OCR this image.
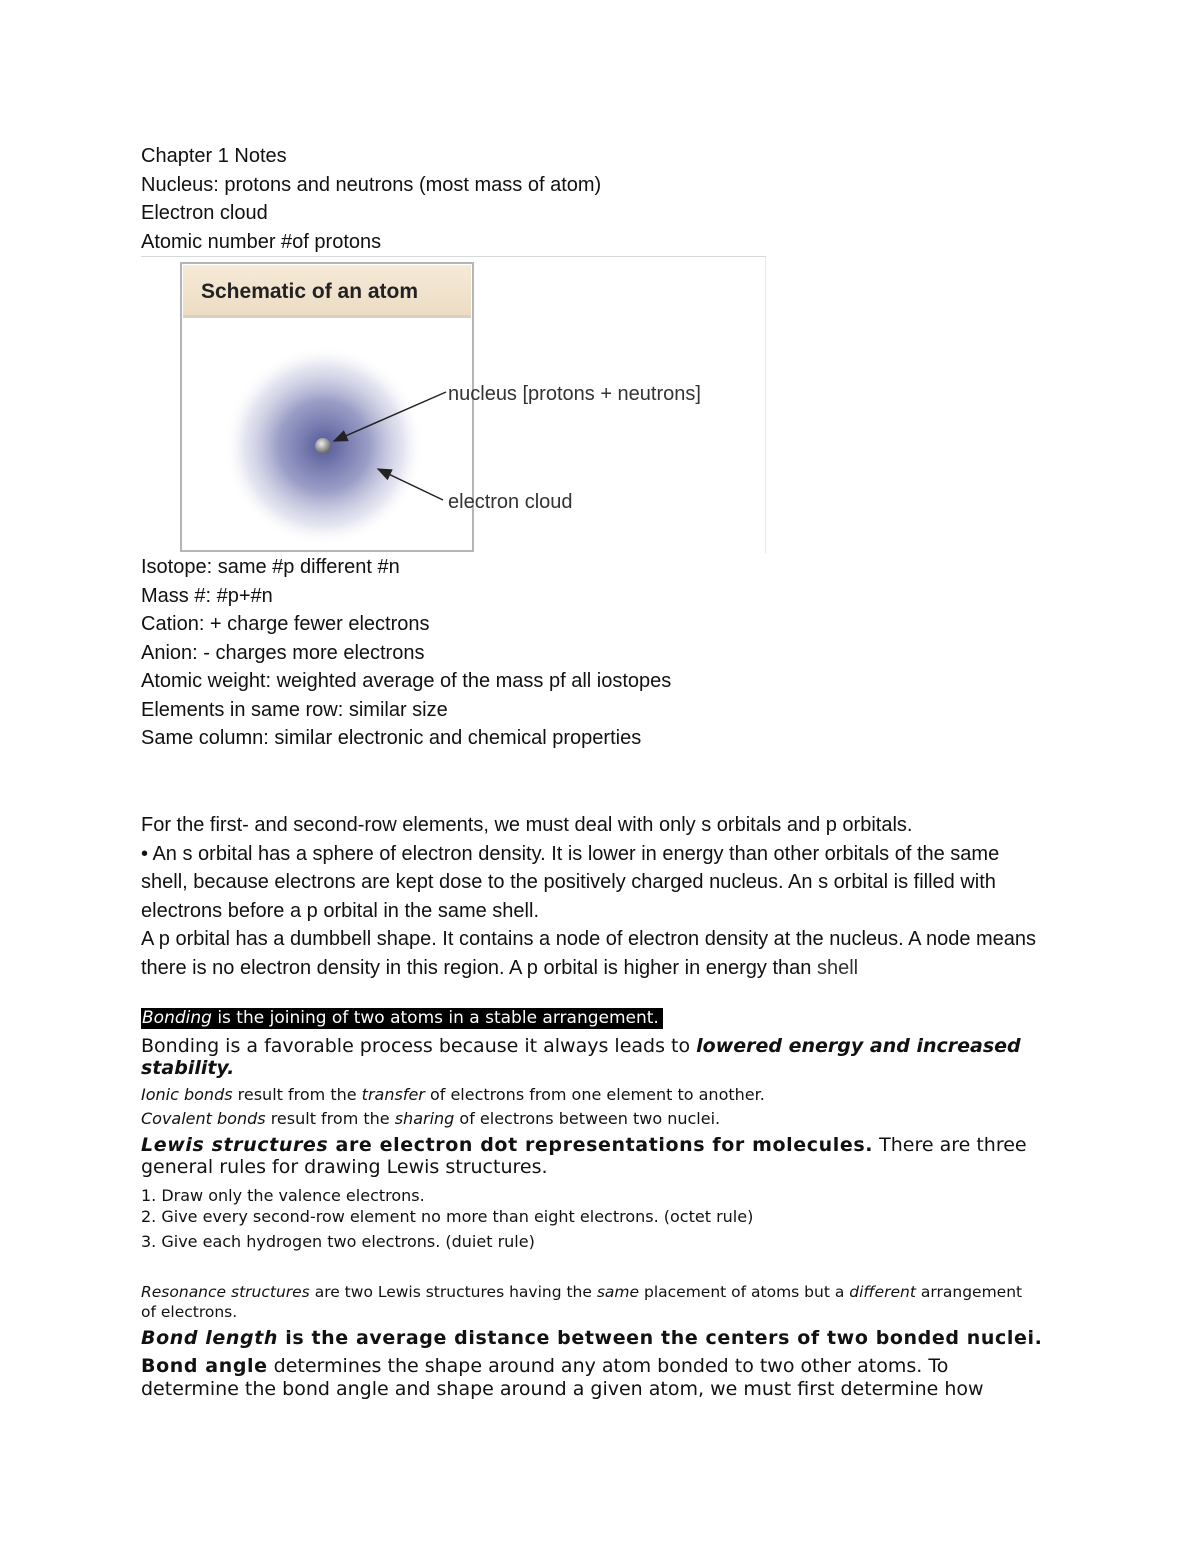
Chapter 1 Notes
Nucleus: protons and neutrons (most mass of atom)
Electron cloud
Atomic number #of protons
Schematic of an atom
nucleus [protons + neutrons]
electron cloud
Isotope: same #p different #n
Mass #: #p+#n
Cation: + charge fewer electrons
Anion: - charges more electrons
Atomic weight: weighted average of the mass pf all iostopes
Elements in same row: similar size
Same column: similar electronic and chemical properties
For the first- and second-row elements, we must deal with only s orbitals and p orbitals.
• An s orbital has a sphere of electron density. It is lower in energy than other orbitals of the same shell, because electrons are kept dose to the positively charged nucleus. An s orbital is filled with electrons before a p orbital in the same shell.
A p orbital has a dumbbell shape. It contains a node of electron density at the nucleus. A node means there is no electron density in this region. A p orbital is higher in energy than shell
Bonding is the joining of two atoms in a stable arrangement.
Bonding is a favorable process because it always leads to lowered energy and increased stability.
Ionic bonds result from the transfer of electrons from one element to another.
Covalent bonds result from the sharing of electrons between two nuclei.
Lewis structures are electron dot representations for molecules. There are three general rules for drawing Lewis structures.
1. Draw only the valence electrons.
2. Give every second-row element no more than eight electrons. (octet rule)
3. Give each hydrogen two electrons. (duiet rule)
Resonance structures are two Lewis structures having the same placement of atoms but a different arrangement of electrons.
Bond length is the average distance between the centers of two bonded nuclei.
Bond angle determines the shape around any atom bonded to two other atoms. To determine the bond angle and shape around a given atom, we must first determine how
